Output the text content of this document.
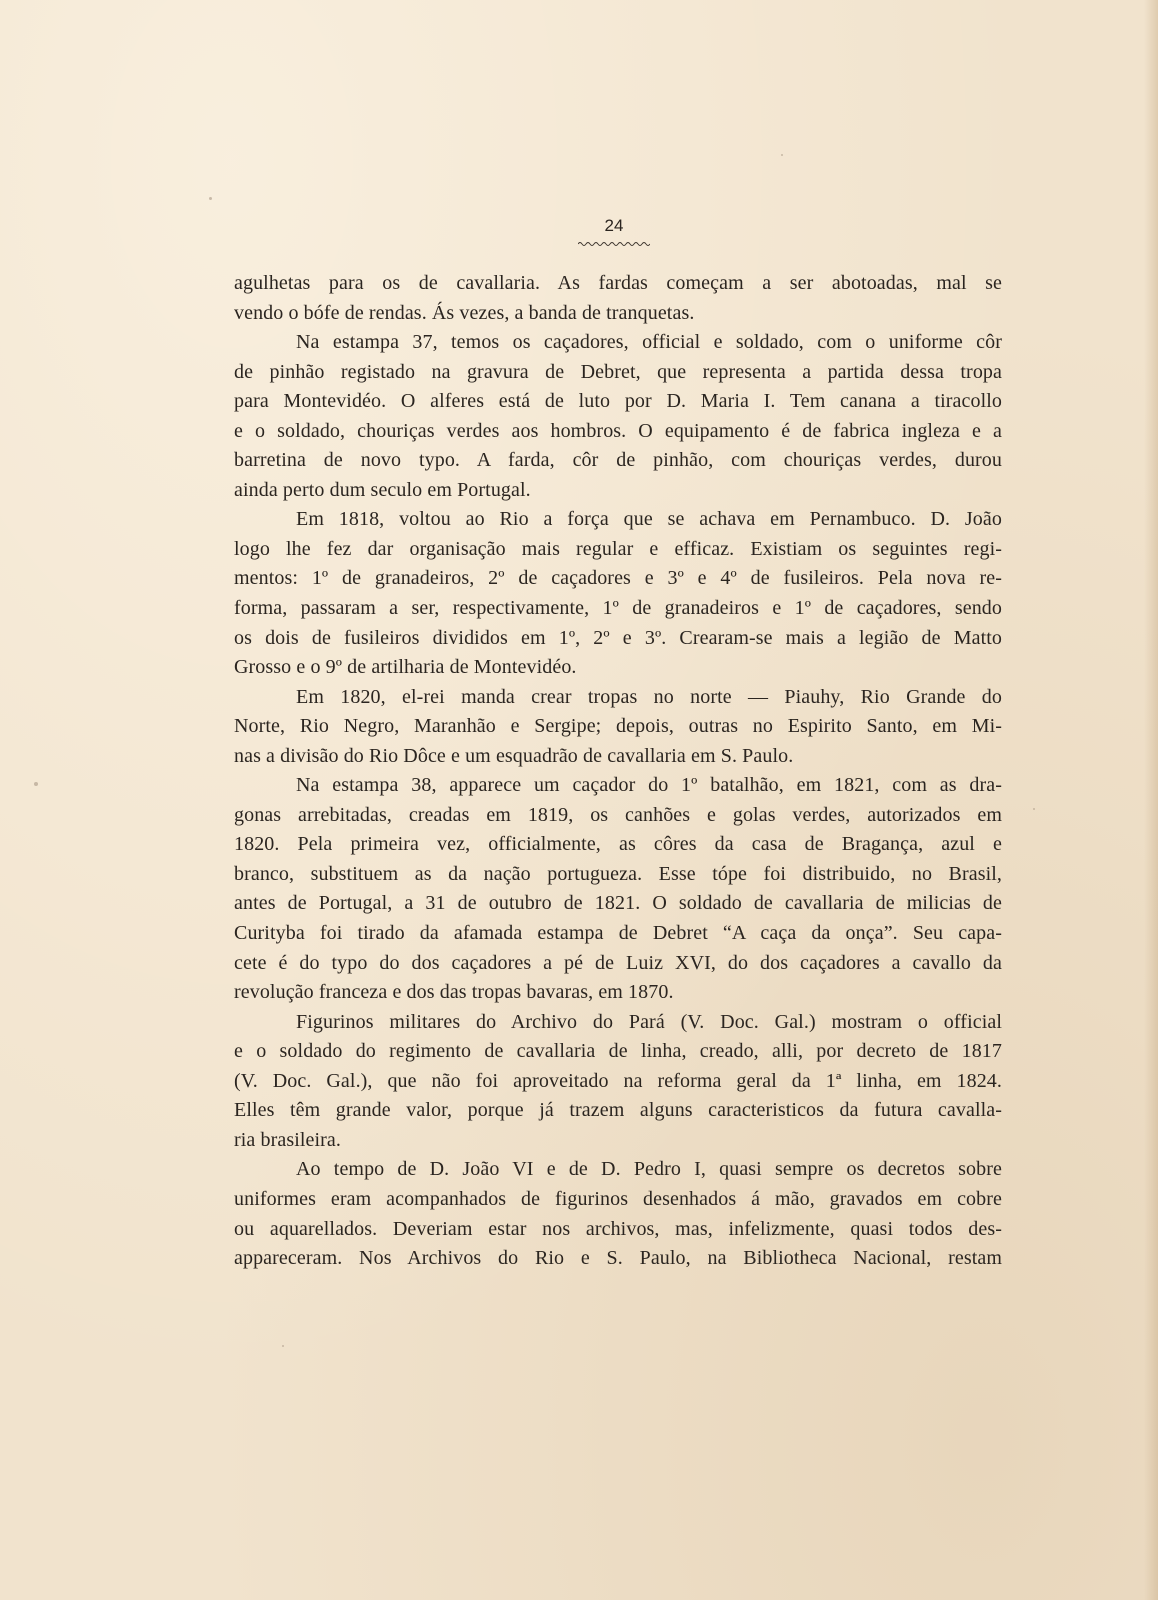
24
agulhetas para os de cavallaria. As fardas começam a ser abotoadas, mal se
vendo o bófe de rendas. Ás vezes, a banda de tranquetas.
Na estampa 37, temos os caçadores, official e soldado, com o uniforme côr
de pinhão registado na gravura de Debret, que representa a partida dessa tropa
para Montevidéo. O alferes está de luto por D. Maria I. Tem canana a tiracollo
e o soldado, chouriças verdes aos hombros. O equipamento é de fabrica ingleza e a
barretina de novo typo. A farda, côr de pinhão, com chouriças verdes, durou
ainda perto dum seculo em Portugal.
Em 1818, voltou ao Rio a força que se achava em Pernambuco. D. João
logo lhe fez dar organisação mais regular e efficaz. Existiam os seguintes regi-
mentos: 1º de granadeiros, 2º de caçadores e 3º e 4º de fusileiros. Pela nova re-
forma, passaram a ser, respectivamente, 1º de granadeiros e 1º de caçadores, sendo
os dois de fusileiros divididos em 1º, 2º e 3º. Crearam-se mais a legião de Matto
Grosso e o 9º de artilharia de Montevidéo.
Em 1820, el-rei manda crear tropas no norte — Piauhy, Rio Grande do
Norte, Rio Negro, Maranhão e Sergipe; depois, outras no Espirito Santo, em Mi-
nas a divisão do Rio Dôce e um esquadrão de cavallaria em S. Paulo.
Na estampa 38, apparece um caçador do 1º batalhão, em 1821, com as dra-
gonas arrebitadas, creadas em 1819, os canhões e golas verdes, autorizados em
1820. Pela primeira vez, officialmente, as côres da casa de Bragança, azul e
branco, substituem as da nação portugueza. Esse tópe foi distribuido, no Brasil,
antes de Portugal, a 31 de outubro de 1821. O soldado de cavallaria de milicias de
Curityba foi tirado da afamada estampa de Debret “A caça da onça”. Seu capa-
cete é do typo do dos caçadores a pé de Luiz XVI, do dos caçadores a cavallo da
revolução franceza e dos das tropas bavaras, em 1870.
Figurinos militares do Archivo do Pará (V. Doc. Gal.) mostram o official
e o soldado do regimento de cavallaria de linha, creado, alli, por decreto de 1817
(V. Doc. Gal.), que não foi aproveitado na reforma geral da 1ª linha, em 1824.
Elles têm grande valor, porque já trazem alguns caracteristicos da futura cavalla-
ria brasileira.
Ao tempo de D. João VI e de D. Pedro I, quasi sempre os decretos sobre
uniformes eram acompanhados de figurinos desenhados á mão, gravados em cobre
ou aquarellados. Deveriam estar nos archivos, mas, infelizmente, quasi todos des-
appareceram. Nos Archivos do Rio e S. Paulo, na Bibliotheca Nacional, restam
